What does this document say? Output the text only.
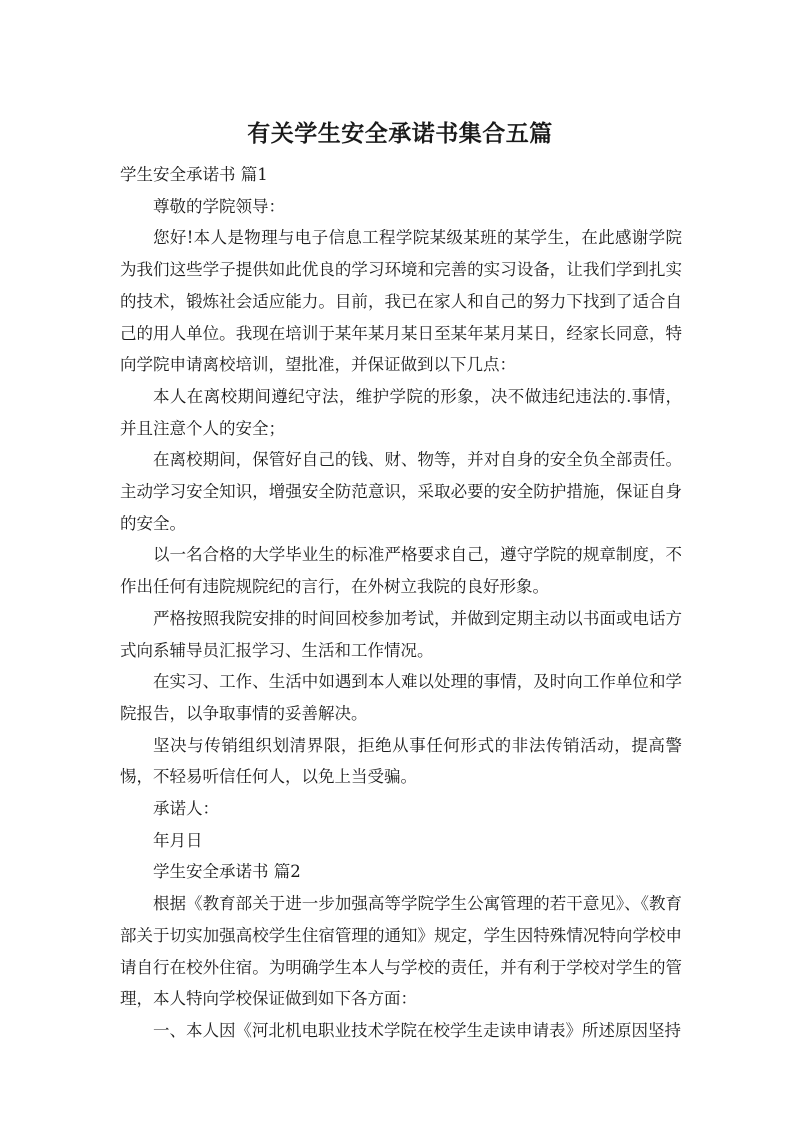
有关学生安全承诺书集合五篇

学生安全承诺书 篇1

尊敬的学院领导：

您好!本人是物理与电子信息工程学院某级某班的某学生，在此感谢学院为我们这些学子提供如此优良的学习环境和完善的实习设备，让我们学到扎实的技术，锻炼社会适应能力。目前，我已在家人和自己的努力下找到了适合自己的用人单位。我现在培训于某年某月某日至某年某月某日，经家长同意，特向学院申请离校培训，望批准，并保证做到以下几点：

本人在离校期间遵纪守法，维护学院的形象，决不做违纪违法的.事情，并且注意个人的安全；

在离校期间，保管好自己的钱、财、物等，并对自身的安全负全部责任。主动学习安全知识，增强安全防范意识，采取必要的安全防护措施，保证自身的安全。

以一名合格的大学毕业生的标准严格要求自己，遵守学院的规章制度，不作出任何有违院规院纪的言行，在外树立我院的良好形象。

严格按照我院安排的时间回校参加考试，并做到定期主动以书面或电话方式向系辅导员汇报学习、生活和工作情况。

在实习、工作、生活中如遇到本人难以处理的事情，及时向工作单位和学院报告，以争取事情的妥善解决。

坚决与传销组织划清界限，拒绝从事任何形式的非法传销活动，提高警惕，不轻易听信任何人，以免上当受骗。

承诺人：

年月日

学生安全承诺书 篇2

根据《教育部关于进一步加强高等学院学生公寓管理的若干意见》、《教育部关于切实加强高校学生住宿管理的通知》规定，学生因特殊情况特向学校申请自行在校外住宿。为明确学生本人与学校的责任，并有利于学校对学生的管理，本人特向学校保证做到如下各方面：

一、本人因《河北机电职业技术学院在校学生走读申请表》所述原因坚持
